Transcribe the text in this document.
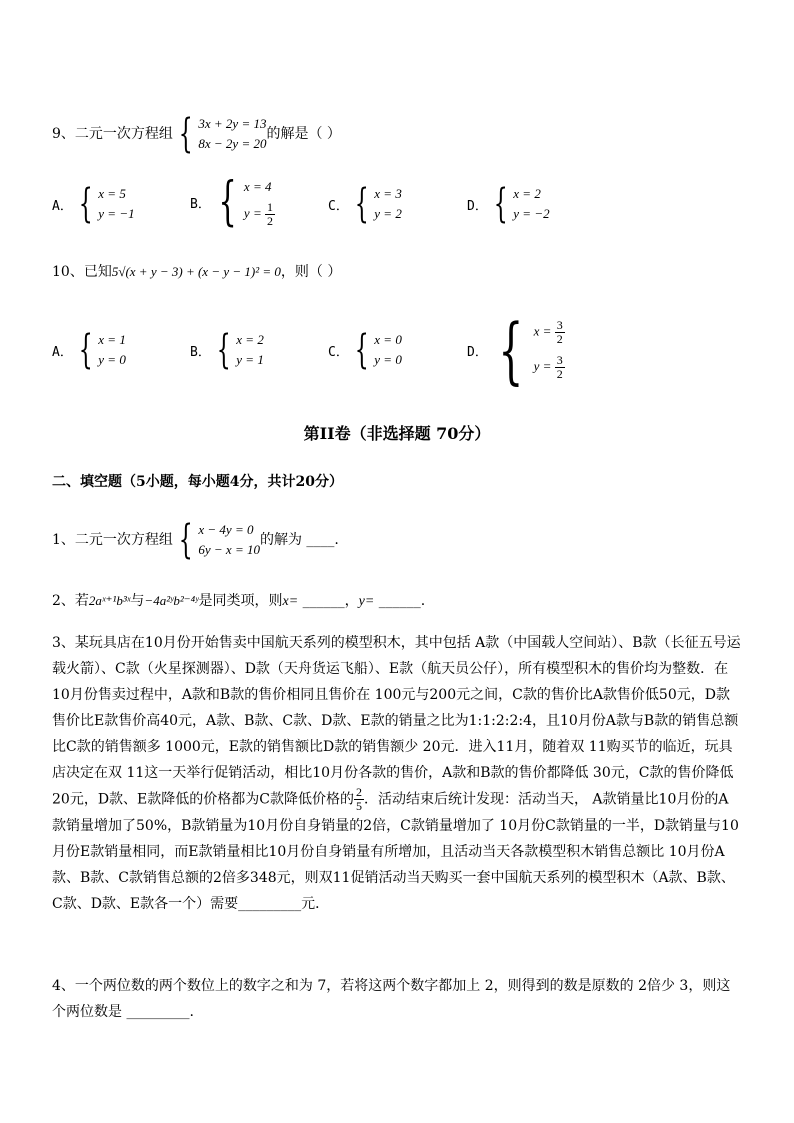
9、二元一次方程组 { 3x + 2y = 13
8x − 2y = 20
的解是（ ）
A． { x = 5
y = −1
B． { x = 4
$y = \frac{1}{2}$	C． { x = 3
y = 2	D． { x = 2
y = −2
10、已知5√(x + y − 3) + (x − y − 1)² = 0，则（ ）
A． { x = 1
y = 0	B． { x = 2
y = 1	C． { x = 0
y = 0	D． { $x = \frac{3}{2}$
$y = \frac{3}{2}$
第II卷（非选择题 70分）
二、填空题（5小题，每小题4分，共计20分）
1、二元一次方程组 { x − 4y = 0
6y − x = 10
的解为 ____.
2、若2aˣ⁺¹b³ˣ与−4a²ʸb²⁻⁴ʸ是同类项，则x= ______，y= ______.
3、某玩具店在10月份开始售卖中国航天系列的模型积木，其中包括 A款（中国载人空间站）、B款（长征五号运载火箭）、C款（火星探测器）、D款（天舟货运飞船）、E款（航天员公仔），所有模型积木的售价均为整数．在10月份售卖过程中，A款和B款的售价相同且售价在 100元与200元之间，C款的售价比A款售价低50元，D款售价比E款售价高40元，A款、B款、C款、D款、E款的销量之比为1:1:2:2:4，且10月份A款与B款的销售总额比C款的销售额多 1000元，E款的销售额比D款的销售额少 20元．进入11月，随着双 11购买节的临近，玩具店决定在双 11这一天举行促销活动，相比10月份各款的售价，A款和B款的售价都降低 30元，C款的售价降低 20元，D款、E款降低的价格都为C款降低价格的 $\frac{2}{5}$ ．活动结束后统计发现：活动当天， A款销量比10月份的A款销量增加了50%，B款销量为10月份自身销量的2倍，C款销量增加了 10月份C款销量的一半，D款销量与10月份E款销量相同，而E款销量相比10月份自身销量有所增加，且活动当天各款模型积木销售总额比 10月份A款、B款、C款销售总额的2倍多348元，则双11促销活动当天购买一套中国航天系列的模型积木（A款、B款、C款、D款、E款各一个）需要_________元．
4、一个两位数的两个数位上的数字之和为 7，若将这两个数字都加上 2，则得到的数是原数的 2倍少 3，则这个两位数是 _________.
